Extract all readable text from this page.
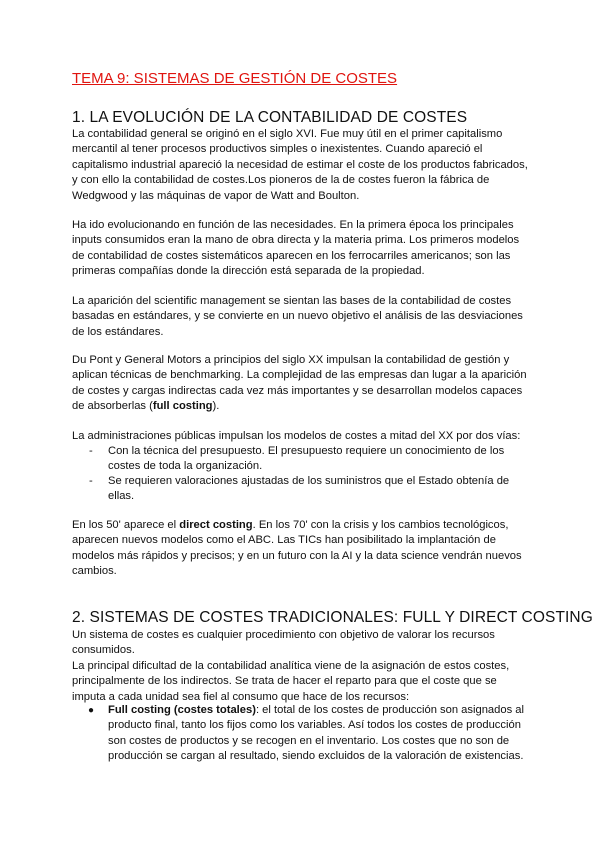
TEMA 9: SISTEMAS DE GESTIÓN DE COSTES
1. LA EVOLUCIÓN DE LA CONTABILIDAD DE COSTES
La contabilidad general se originó en el siglo XVI. Fue muy útil en el primer capitalismo
mercantil al tener procesos productivos simples o inexistentes. Cuando apareció el
capitalismo industrial apareció la necesidad de estimar el coste de los productos fabricados,
y con ello la contabilidad de costes.Los pioneros de la de costes fueron la fábrica de
Wedgwood y las máquinas de vapor de Watt and Boulton.
Ha ido evolucionando en función de las necesidades. En la primera época los principales
inputs consumidos eran la mano de obra directa y la materia prima. Los primeros modelos
de contabilidad de costes sistemáticos aparecen en los ferrocarriles americanos; son las
primeras compañías donde la dirección está separada de la propiedad.
La aparición del scientific management se sientan las bases de la contabilidad de costes
basadas en estándares, y se convierte en un nuevo objetivo el análisis de las desviaciones
de los estándares.
Du Pont y General Motors a principios del siglo XX impulsan la contabilidad de gestión y
aplican técnicas de benchmarking. La complejidad de las empresas dan lugar a la aparición
de costes y cargas indirectas cada vez más importantes y se desarrollan modelos capaces
de absorberlas (full costing).
La administraciones públicas impulsan los modelos de costes a mitad del XX por dos vías:
- Con la técnica del presupuesto. El presupuesto requiere un conocimiento de los
costes de toda la organización.
- Se requieren valoraciones ajustadas de los suministros que el Estado obtenía de
ellas.
En los 50' aparece el direct costing. En los 70' con la crisis y los cambios tecnológicos,
aparecen nuevos modelos como el ABC. Las TICs han posibilitado la implantación de
modelos más rápidos y precisos; y en un futuro con la AI y la data science vendrán nuevos
cambios.
2. SISTEMAS DE COSTES TRADICIONALES: FULL Y DIRECT COSTING
Un sistema de costes es cualquier procedimiento con objetivo de valorar los recursos
consumidos.
La principal dificultad de la contabilidad analítica viene de la asignación de estos costes,
principalmente de los indirectos. Se trata de hacer el reparto para que el coste que se
imputa a cada unidad sea fiel al consumo que hace de los recursos:
● Full costing (costes totales): el total de los costes de producción son asignados al
producto final, tanto los fijos como los variables. Así todos los costes de producción
son costes de productos y se recogen en el inventario. Los costes que no son de
producción se cargan al resultado, siendo excluidos de la valoración de existencias.
